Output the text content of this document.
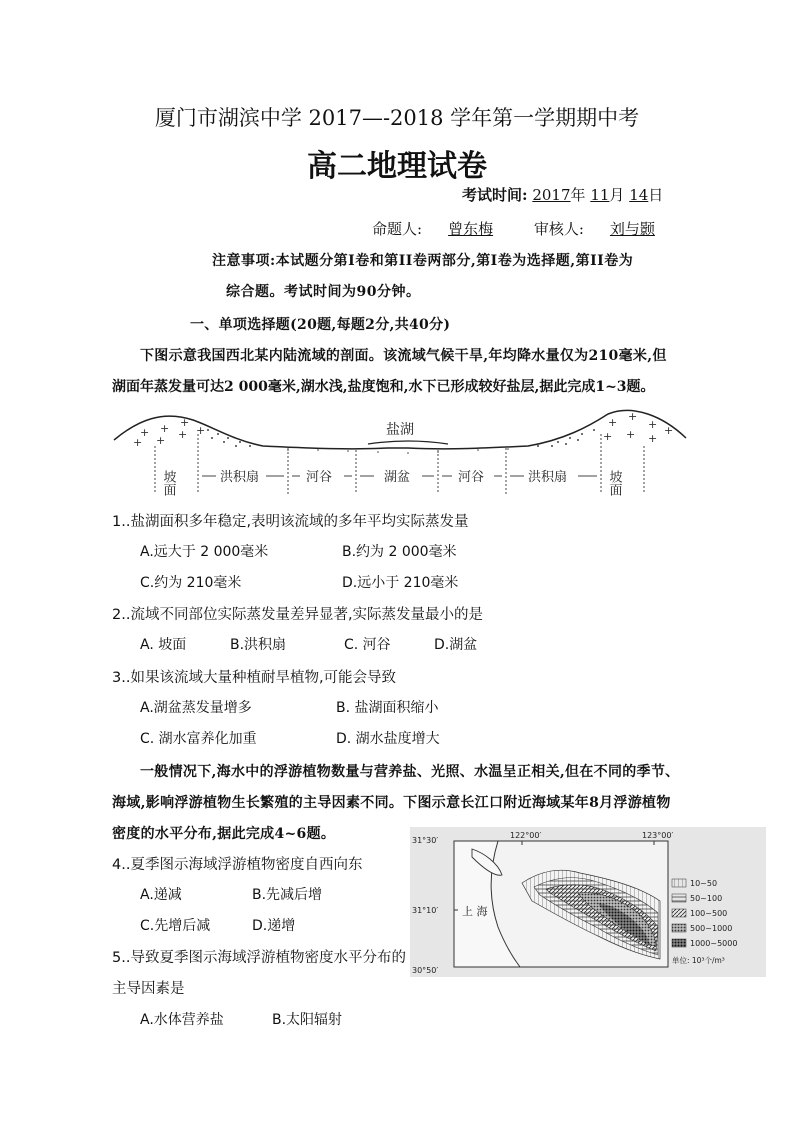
厦门市湖滨中学 2017—-2018 学年第一学期期中考
高二地理试卷
考试时间: 2017年 11月 14日
命题人: 曾东梅	审核人: 刘与颢
注意事项:本试题分第Ⅰ卷和第ⅠⅠ卷两部分,第Ⅰ卷为选择题,第ⅠⅠ卷为
综合题。考试时间为90分钟。
一、单项选择题(20题,每题2分,共40分)
下图示意我国西北某内陆流域的剖面。该流域气候干旱,年均降水量仅为210毫米,但
湖面年蒸发量可达2 000毫米,湖水浅,盐度饱和,水下已形成较好盐层,据此完成1~3题。
+ + +
+ + + +
+ +
+
+ + +
+
盐湖
坡面	洪积扇	河谷	湖盆	河谷	洪积扇	坡面
1..盐湖面积多年稳定,表明该流域的多年平均实际蒸发量
A.远大于 2 000毫米	B.约为 2 000毫米
C.约为 210毫米	D.远小于 210毫米
2..流域不同部位实际蒸发量差异显著,实际蒸发量最小的是
A. 坡面	B.洪积扇	C. 河谷	D.湖盆
3..如果该流域大量种植耐旱植物,可能会导致
A.湖盆蒸发量增多	B. 盐湖面积缩小
C. 湖水富养化加重	D. 湖水盐度增大
一般情况下,海水中的浮游植物数量与营养盐、光照、水温呈正相关,但在不同的季节、
海域,影响浮游植物生长繁殖的主导因素不同。下图示意长江口附近海域某年8月浮游植物
密度的水平分布,据此完成4~6题。	31°30′
31°10′
30°50′
122°00′	123°00′
上 海
10~50
50~100
100~500
500~1000
1000~5000
单位: 10³个/m³
4..夏季图示海域浮游植物密度自西向东
A.递减	B.先减后增
C.先增后减	D.递增
5..导致夏季图示海域浮游植物密度水平分布的
主导因素是
A.水体营养盐	B.太阳辐射
